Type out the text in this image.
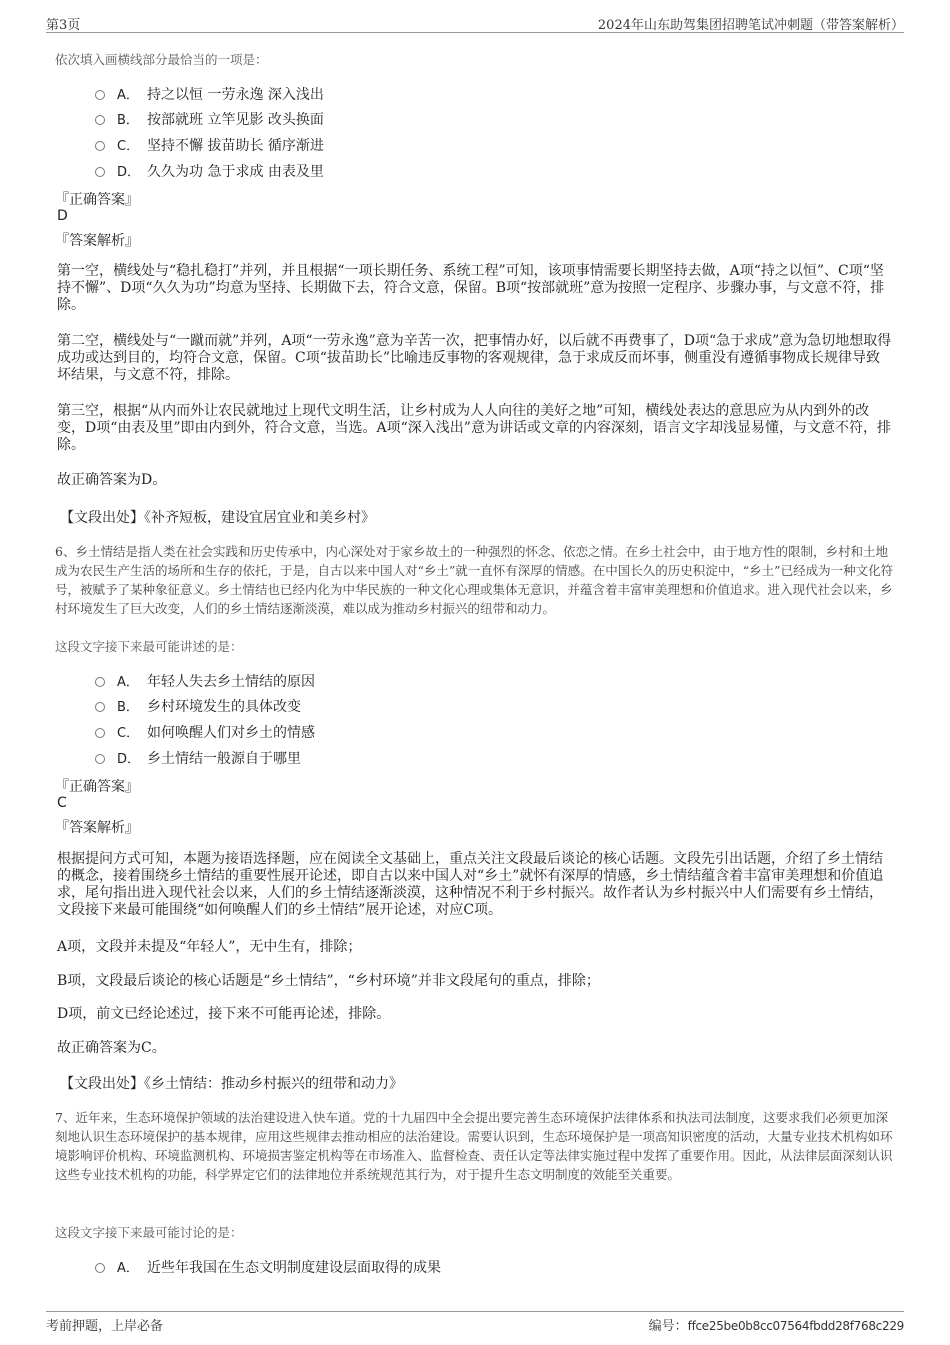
第3页	2024年山东助驾集团招聘笔试冲刺题（带答案解析）
依次填入画横线部分最恰当的一项是：
A． 持之以恒 一劳永逸 深入浅出
B． 按部就班 立竿见影 改头换面
C． 坚持不懈 拔苗助长 循序渐进
D． 久久为功 急于求成 由表及里
『正确答案』
D
『答案解析』
第一空，横线处与“稳扎稳打”并列，并且根据“一项长期任务、系统工程”可知，该项事情需要长期坚持去做，A项“持之以恒”、C项“坚持不懈”、D项“久久为功”均意为坚持、长期做下去，符合文意，保留。B项“按部就班”意为按照一定程序、步骤办事，与文意不符，排除。
第二空，横线处与“一蹴而就”并列，A项“一劳永逸”意为辛苦一次，把事情办好，以后就不再费事了，D项“急于求成”意为急切地想取得成功或达到目的，均符合文意，保留。C项“拔苗助长”比喻违反事物的客观规律，急于求成反而坏事，侧重没有遵循事物成长规律导致坏结果，与文意不符，排除。
第三空，根据“从内而外让农民就地过上现代文明生活，让乡村成为人人向往的美好之地”可知，横线处表达的意思应为从内到外的改变，D项“由表及里”即由内到外，符合文意，当选。A项“深入浅出”意为讲话或文章的内容深刻，语言文字却浅显易懂，与文意不符，排除。
故正确答案为D。
【文段出处】《补齐短板，建设宜居宜业和美乡村》
6、乡土情结是指人类在社会实践和历史传承中，内心深处对于家乡故土的一种强烈的怀念、依恋之情。在乡土社会中，由于地方性的限制，乡村和土地成为农民生产生活的场所和生存的依托，于是，自古以来中国人对“乡土”就一直怀有深厚的情感。在中国长久的历史积淀中，“乡土”已经成为一种文化符号，被赋予了某种象征意义。乡土情结也已经内化为中华民族的一种文化心理或集体无意识，并蕴含着丰富审美理想和价值追求。进入现代社会以来，乡村环境发生了巨大改变，人们的乡土情结逐渐淡漠，难以成为推动乡村振兴的纽带和动力。
这段文字接下来最可能讲述的是：
A． 年轻人失去乡土情结的原因
B． 乡村环境发生的具体改变
C． 如何唤醒人们对乡土的情感
D． 乡土情结一般源自于哪里
『正确答案』
C
『答案解析』
根据提问方式可知，本题为接语选择题，应在阅读全文基础上，重点关注文段最后谈论的核心话题。文段先引出话题，介绍了乡土情结的概念，接着围绕乡土情结的重要性展开论述，即自古以来中国人对“乡土”就怀有深厚的情感，乡土情结蕴含着丰富审美理想和价值追求，尾句指出进入现代社会以来，人们的乡土情结逐渐淡漠，这种情况不利于乡村振兴。故作者认为乡村振兴中人们需要有乡土情结，文段接下来最可能围绕“如何唤醒人们的乡土情结”展开论述，对应C项。
A项，文段并未提及“年轻人”，无中生有，排除；
B项，文段最后谈论的核心话题是“乡土情结”，“乡村环境”并非文段尾句的重点，排除；
D项，前文已经论述过，接下来不可能再论述，排除。
故正确答案为C。
【文段出处】《乡土情结：推动乡村振兴的纽带和动力》
7、近年来，生态环境保护领域的法治建设进入快车道。党的十九届四中全会提出要完善生态环境保护法律体系和执法司法制度，这要求我们必须更加深刻地认识生态环境保护的基本规律，应用这些规律去推动相应的法治建设。需要认识到，生态环境保护是一项高知识密度的活动，大量专业技术机构如环境影响评价机构、环境监测机构、环境损害鉴定机构等在市场准入、监督检查、责任认定等法律实施过程中发挥了重要作用。因此，从法律层面深刻认识这些专业技术机构的功能，科学界定它们的法律地位并系统规范其行为，对于提升生态文明制度的效能至关重要。
这段文字接下来最可能讨论的是：
A． 近些年我国在生态文明制度建设层面取得的成果
考前押题，上岸必备	编号：ffce25be0b8cc07564fbdd28f768c229
